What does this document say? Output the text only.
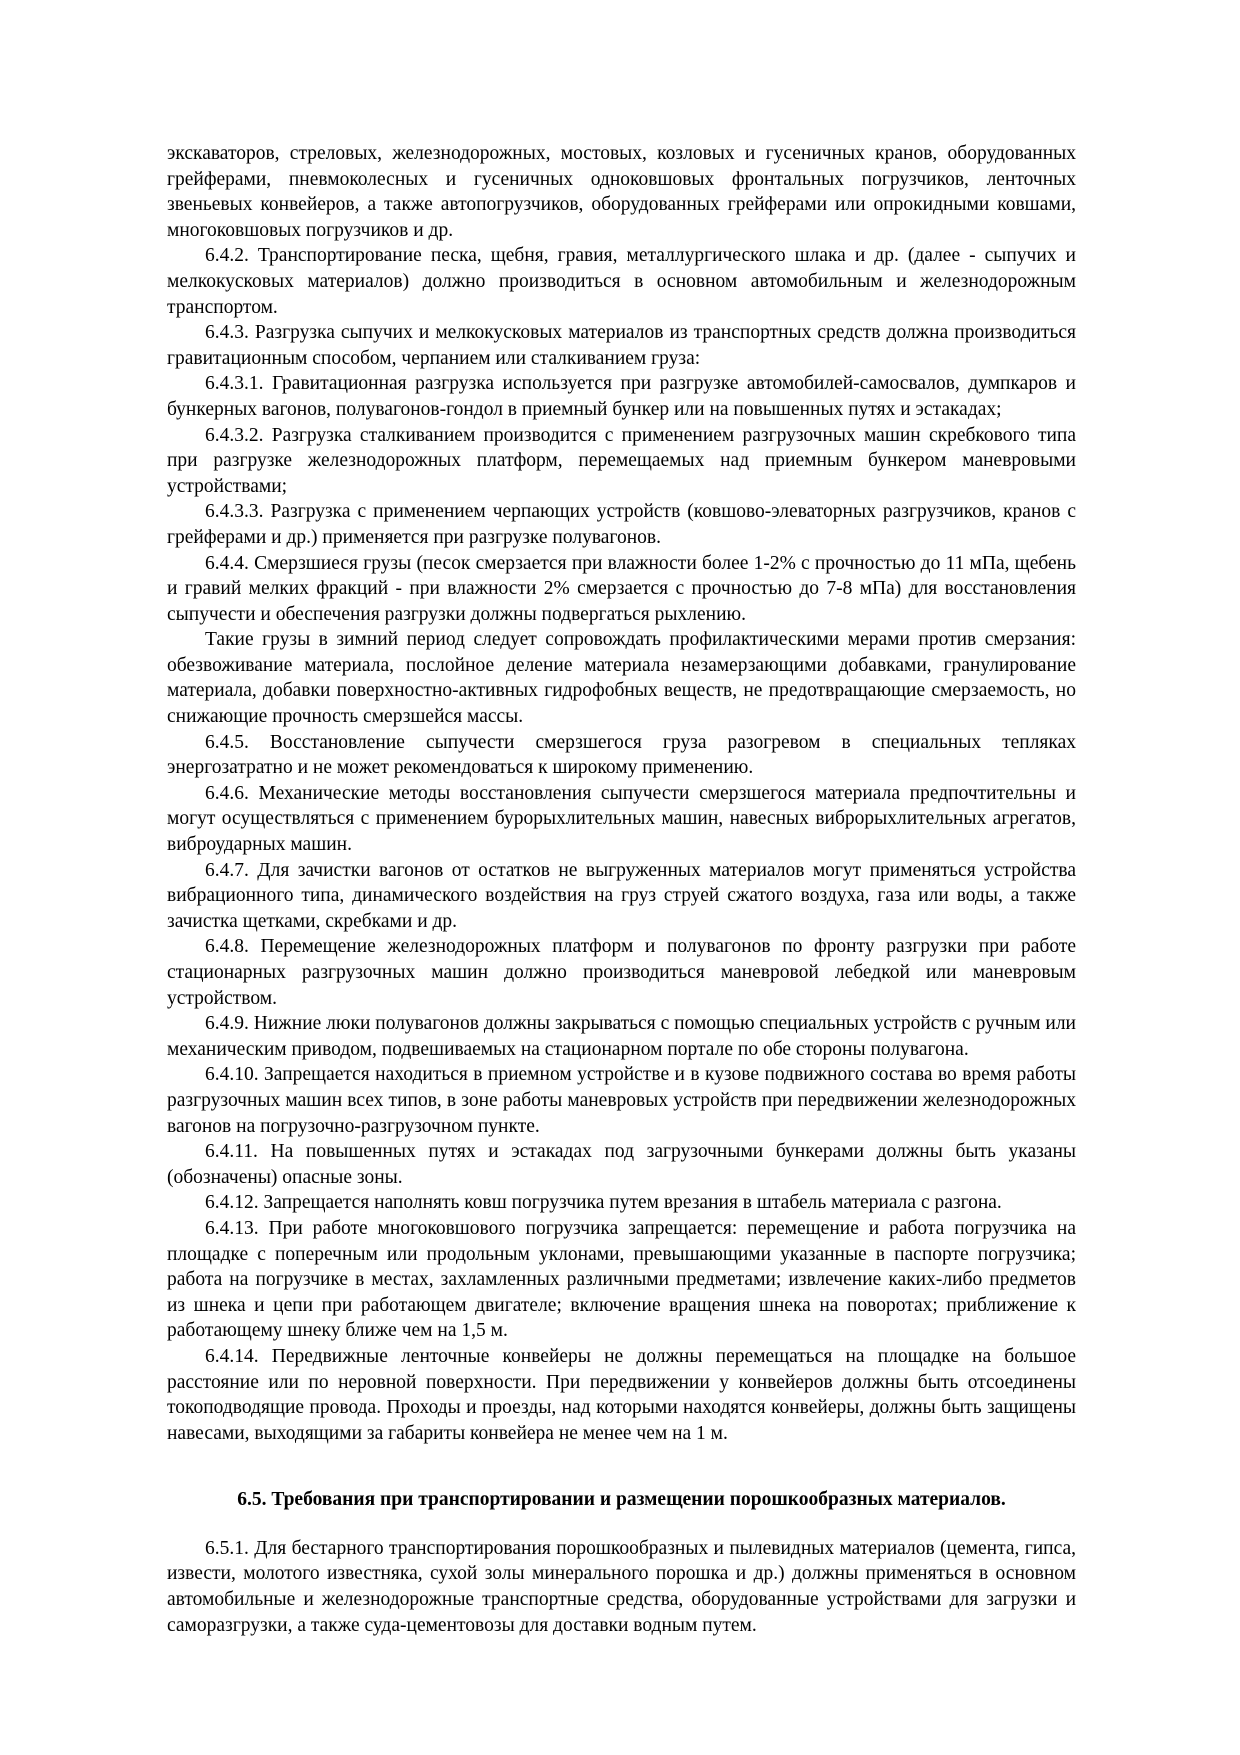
экскаваторов, стреловых, железнодорожных, мостовых, козловых и гусеничных кранов, оборудованных грейферами, пневмоколесных и гусеничных одноковшовых фронтальных погрузчиков, ленточных звеньевых конвейеров, а также автопогрузчиков, оборудованных грейферами или опрокидными ковшами, многоковшовых погрузчиков и др.

6.4.2. Транспортирование песка, щебня, гравия, металлургического шлака и др. (далее - сыпучих и мелкокусковых материалов) должно производиться в основном автомобильным и железнодорожным транспортом.

6.4.3. Разгрузка сыпучих и мелкокусковых материалов из транспортных средств должна производиться гравитационным способом, черпанием или сталкиванием груза:

6.4.3.1. Гравитационная разгрузка используется при разгрузке автомобилей-самосвалов, думпкаров и бункерных вагонов, полувагонов-гондол в приемный бункер или на повышенных путях и эстакадах;

6.4.3.2. Разгрузка сталкиванием производится с применением разгрузочных машин скребкового типа при разгрузке железнодорожных платформ, перемещаемых над приемным бункером маневровыми устройствами;

6.4.3.3. Разгрузка с применением черпающих устройств (ковшово-элеваторных разгрузчиков, кранов с грейферами и др.) применяется при разгрузке полувагонов.

6.4.4. Смерзшиеся грузы (песок смерзается при влажности более 1-2% с прочностью до 11 мПа, щебень и гравий мелких фракций - при влажности 2% смерзается с прочностью до 7-8 мПа) для восстановления сыпучести и обеспечения разгрузки должны подвергаться рыхлению.

Такие грузы в зимний период следует сопровождать профилактическими мерами против смерзания: обезвоживание материала, послойное деление материала незамерзающими добавками, гранулирование материала, добавки поверхностно-активных гидрофобных веществ, не предотвращающие смерзаемость, но снижающие прочность смерзшейся массы.

6.4.5. Восстановление сыпучести смерзшегося груза разогревом в специальных тепляках энергозатратно и не может рекомендоваться к широкому применению.

6.4.6. Механические методы восстановления сыпучести смерзшегося материала предпочтительны и могут осуществляться с применением бурорыхлительных машин, навесных виброрыхлительных агрегатов, виброударных машин.

6.4.7. Для зачистки вагонов от остатков не выгруженных материалов могут применяться устройства вибрационного типа, динамического воздействия на груз струей сжатого воздуха, газа или воды, а также зачистка щетками, скребками и др.

6.4.8. Перемещение железнодорожных платформ и полувагонов по фронту разгрузки при работе стационарных разгрузочных машин должно производиться маневровой лебедкой или маневровым устройством.

6.4.9. Нижние люки полувагонов должны закрываться с помощью специальных устройств с ручным или механическим приводом, подвешиваемых на стационарном портале по обе стороны полувагона.

6.4.10. Запрещается находиться в приемном устройстве и в кузове подвижного состава во время работы разгрузочных машин всех типов, в зоне работы маневровых устройств при передвижении железнодорожных вагонов на погрузочно-разгрузочном пункте.

6.4.11. На повышенных путях и эстакадах под загрузочными бункерами должны быть указаны (обозначены) опасные зоны.

6.4.12. Запрещается наполнять ковш погрузчика путем врезания в штабель материала с разгона.

6.4.13. При работе многоковшового погрузчика запрещается: перемещение и работа погрузчика на площадке с поперечным или продольным уклонами, превышающими указанные в паспорте погрузчика; работа на погрузчике в местах, захламленных различными предметами; извлечение каких-либо предметов из шнека и цепи при работающем двигателе; включение вращения шнека на поворотах; приближение к работающему шнеку ближе чем на 1,5 м.

6.4.14. Передвижные ленточные конвейеры не должны перемещаться на площадке на большое расстояние или по неровной поверхности. При передвижении у конвейеров должны быть отсоединены токоподводящие провода. Проходы и проезды, над которыми находятся конвейеры, должны быть защищены навесами, выходящими за габариты конвейера не менее чем на 1 м.

6.5. Требования при транспортировании и размещении порошкообразных материалов.

6.5.1. Для бестарного транспортирования порошкообразных и пылевидных материалов (цемента, гипса, извести, молотого известняка, сухой золы минерального порошка и др.) должны применяться в основном автомобильные и железнодорожные транспортные средства, оборудованные устройствами для загрузки и саморазгрузки, а также суда-цементовозы для доставки водным путем.
